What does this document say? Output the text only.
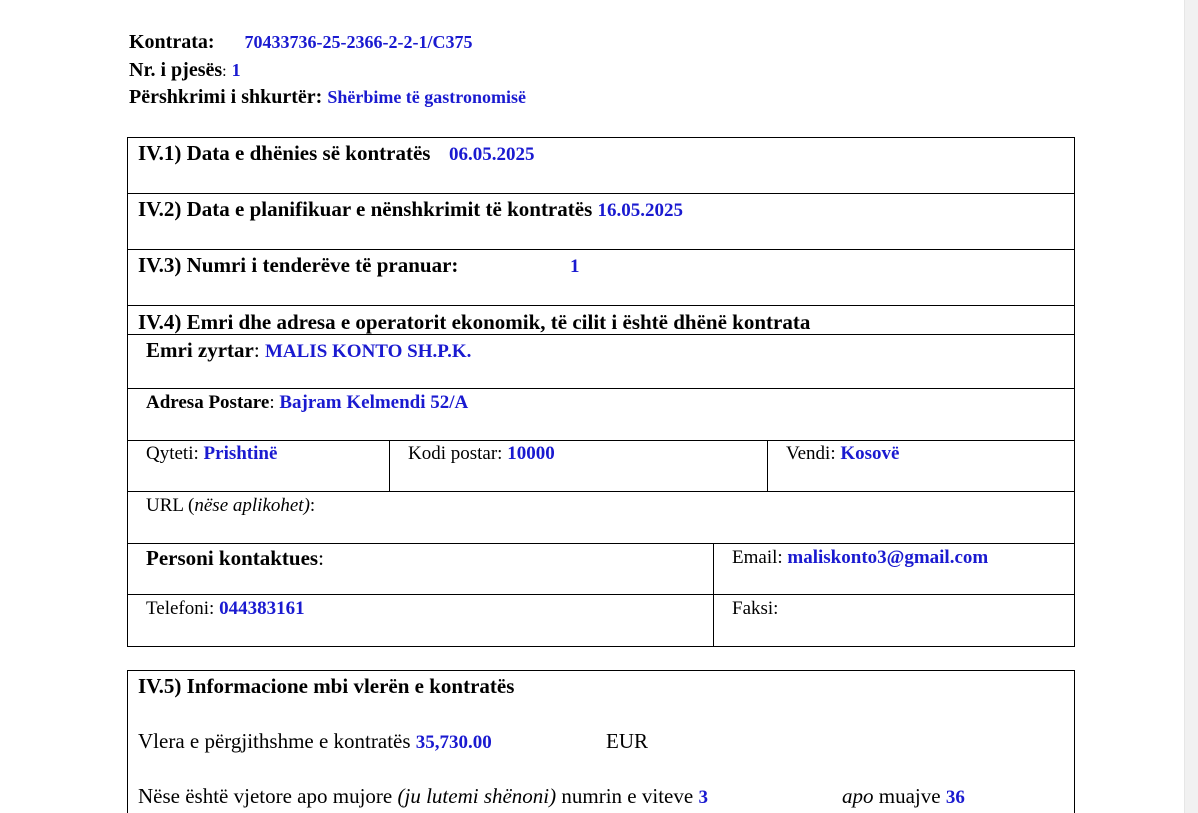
Kontrata: 70433736-25-2366-2-2-1/C375
Nr. i pjesës: 1
Përshkrimi i shkurtër: Shërbime të gastronomisë
IV.1) Data e dhënies së kontratës 06.05.2025
IV.2) Data e planifikuar e nënshkrimit të kontratës 16.05.2025
IV.3) Numri i tenderëve të pranuar:	1
IV.4) Emri dhe adresa e operatorit ekonomik, të cilit i është dhënë kontrata
Emri zyrtar: MALIS KONTO SH.P.K.
Adresa Postare: Bajram Kelmendi 52/A
Qyteti: Prishtinë	Kodi postar: 10000	Vendi: Kosovë
URL (nëse aplikohet):
Personi kontaktues:	Email: maliskonto3@gmail.com
Telefoni: 044383161	Faksi:
IV.5) Informacione mbi vlerën e kontratës
Vlera e përgjithshme e kontratës 35,730.00	EUR
Nëse është vjetore apo mujore (ju lutemi shënoni) numrin e viteve 3	apo muajve 36
